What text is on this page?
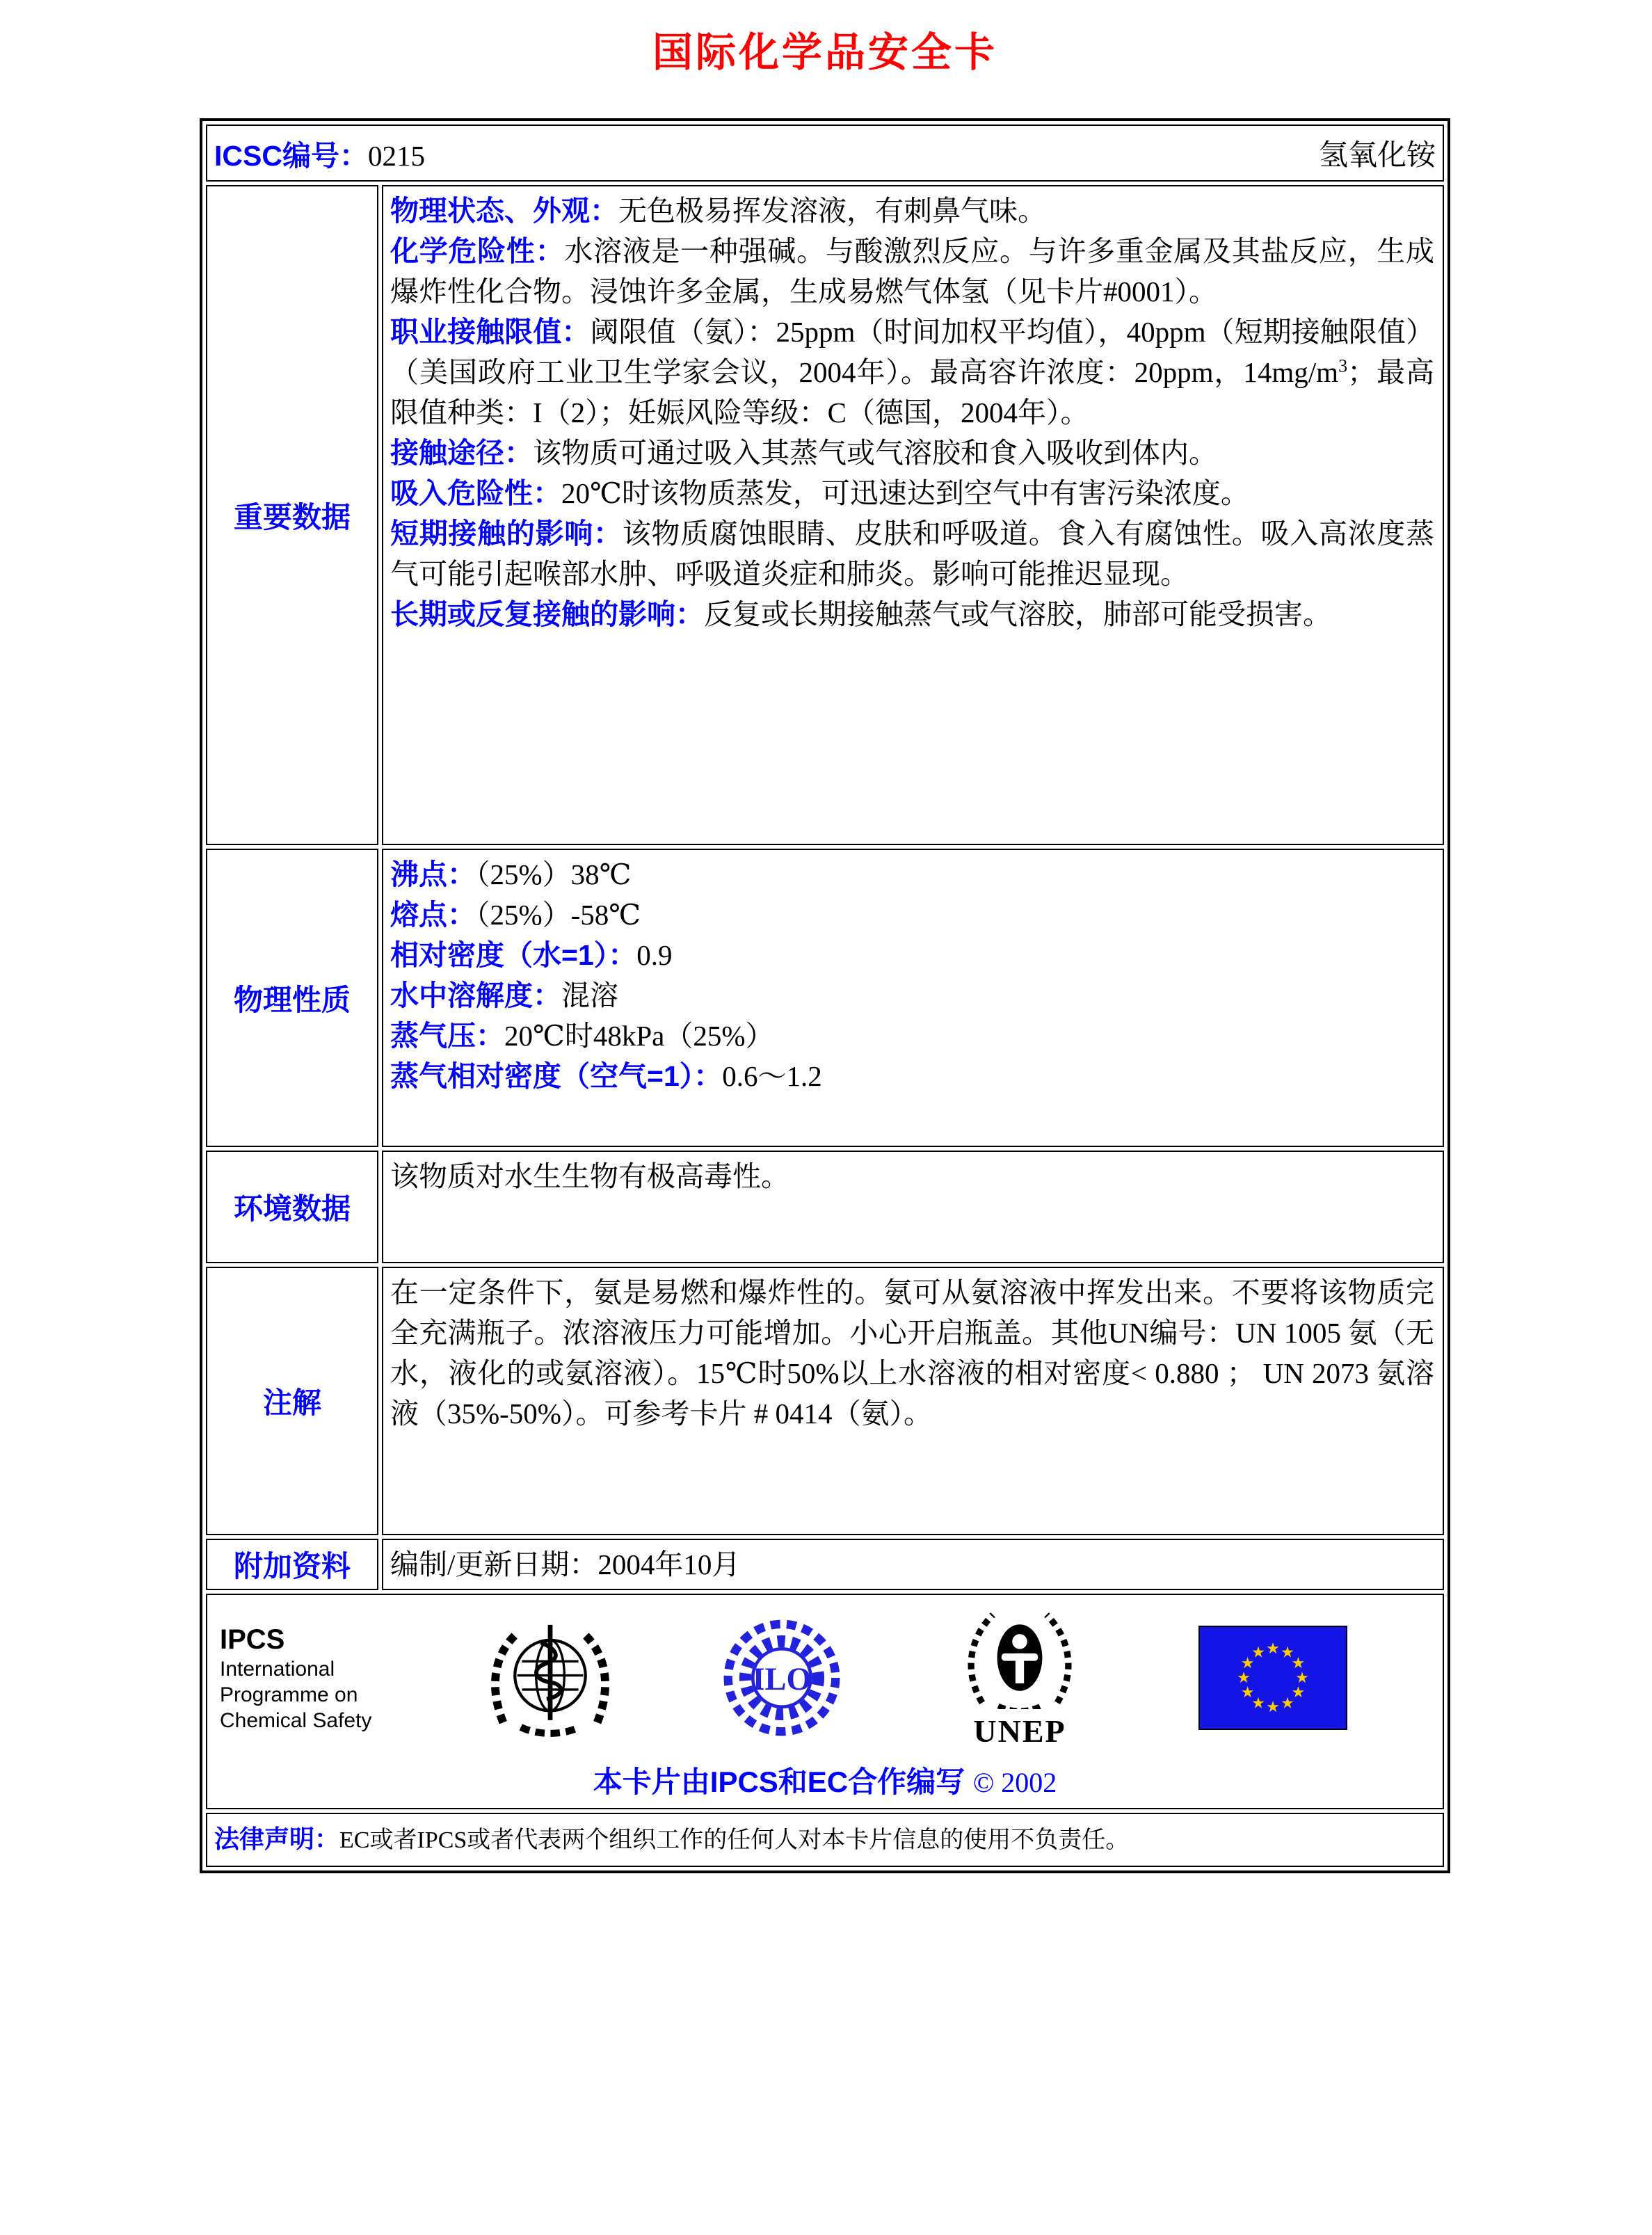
国际化学品安全卡
ICSC编号：0215 氢氧化铵	

重要数据	
物理状态、外观：无色极易挥发溶液，有刺鼻气味。
化学危险性：水溶液是一种强碱。与酸激烈反应。与许多重金属及其盐反应，生成爆炸性化合物。浸蚀许多金属，生成易燃气体氢（见卡片#0001）。
职业接触限值：阈限值（氨）：25ppm（时间加权平均值），40ppm（短期接触限值）（美国政府工业卫生学家会议，2004年）。最高容许浓度：20ppm，$14mg/m^3$；最高限值种类：I（2）；妊娠风险等级：C（德国，2004年）。
接触途径：该物质可通过吸入其蒸气或气溶胶和食入吸收到体内。
吸入危险性：20℃时该物质蒸发，可迅速达到空气中有害污染浓度。
短期接触的影响：该物质腐蚀眼睛、皮肤和呼吸道。食入有腐蚀性。吸入高浓度蒸气可能引起喉部水肿、呼吸道炎症和肺炎。影响可能推迟显现。
长期或反复接触的影响：反复或长期接触蒸气或气溶胶，肺部可能受损害。

物理性质	
沸点：（25%）38℃
熔点：（25%）-58℃
相对密度（水=1）：0.9
水中溶解度：混溶
蒸气压：20℃时48kPa（25%）
蒸气相对密度（空气=1）：0.6～1.2

环境数据	该物质对水生生物有极高毒性。

注解	在一定条件下，氨是易燃和爆炸性的。氨可从氨溶液中挥发出来。不要将该物质完全充满瓶子。浓溶液压力可能增加。小心开启瓶盖。其他UN编号：UN 1005 氨（无水，液化的或氨溶液）。15℃时50%以上水溶液的相对密度< 0.880 ； UN 2073 氨溶液（35%-50%）。可参考卡片 # 0414（氨）。

附加资料	编制/更新日期：2004年10月

IPCS
International
Programme on
Chemical Safety
ILO
UNEP
★ ★
★
★
★
★
★
★
★
★
★
★
本卡片由IPCS和EC合作编写 © 2002

法律声明：EC或者IPCS或者代表两个组织工作的任何人对本卡片信息的使用不负责任。	
